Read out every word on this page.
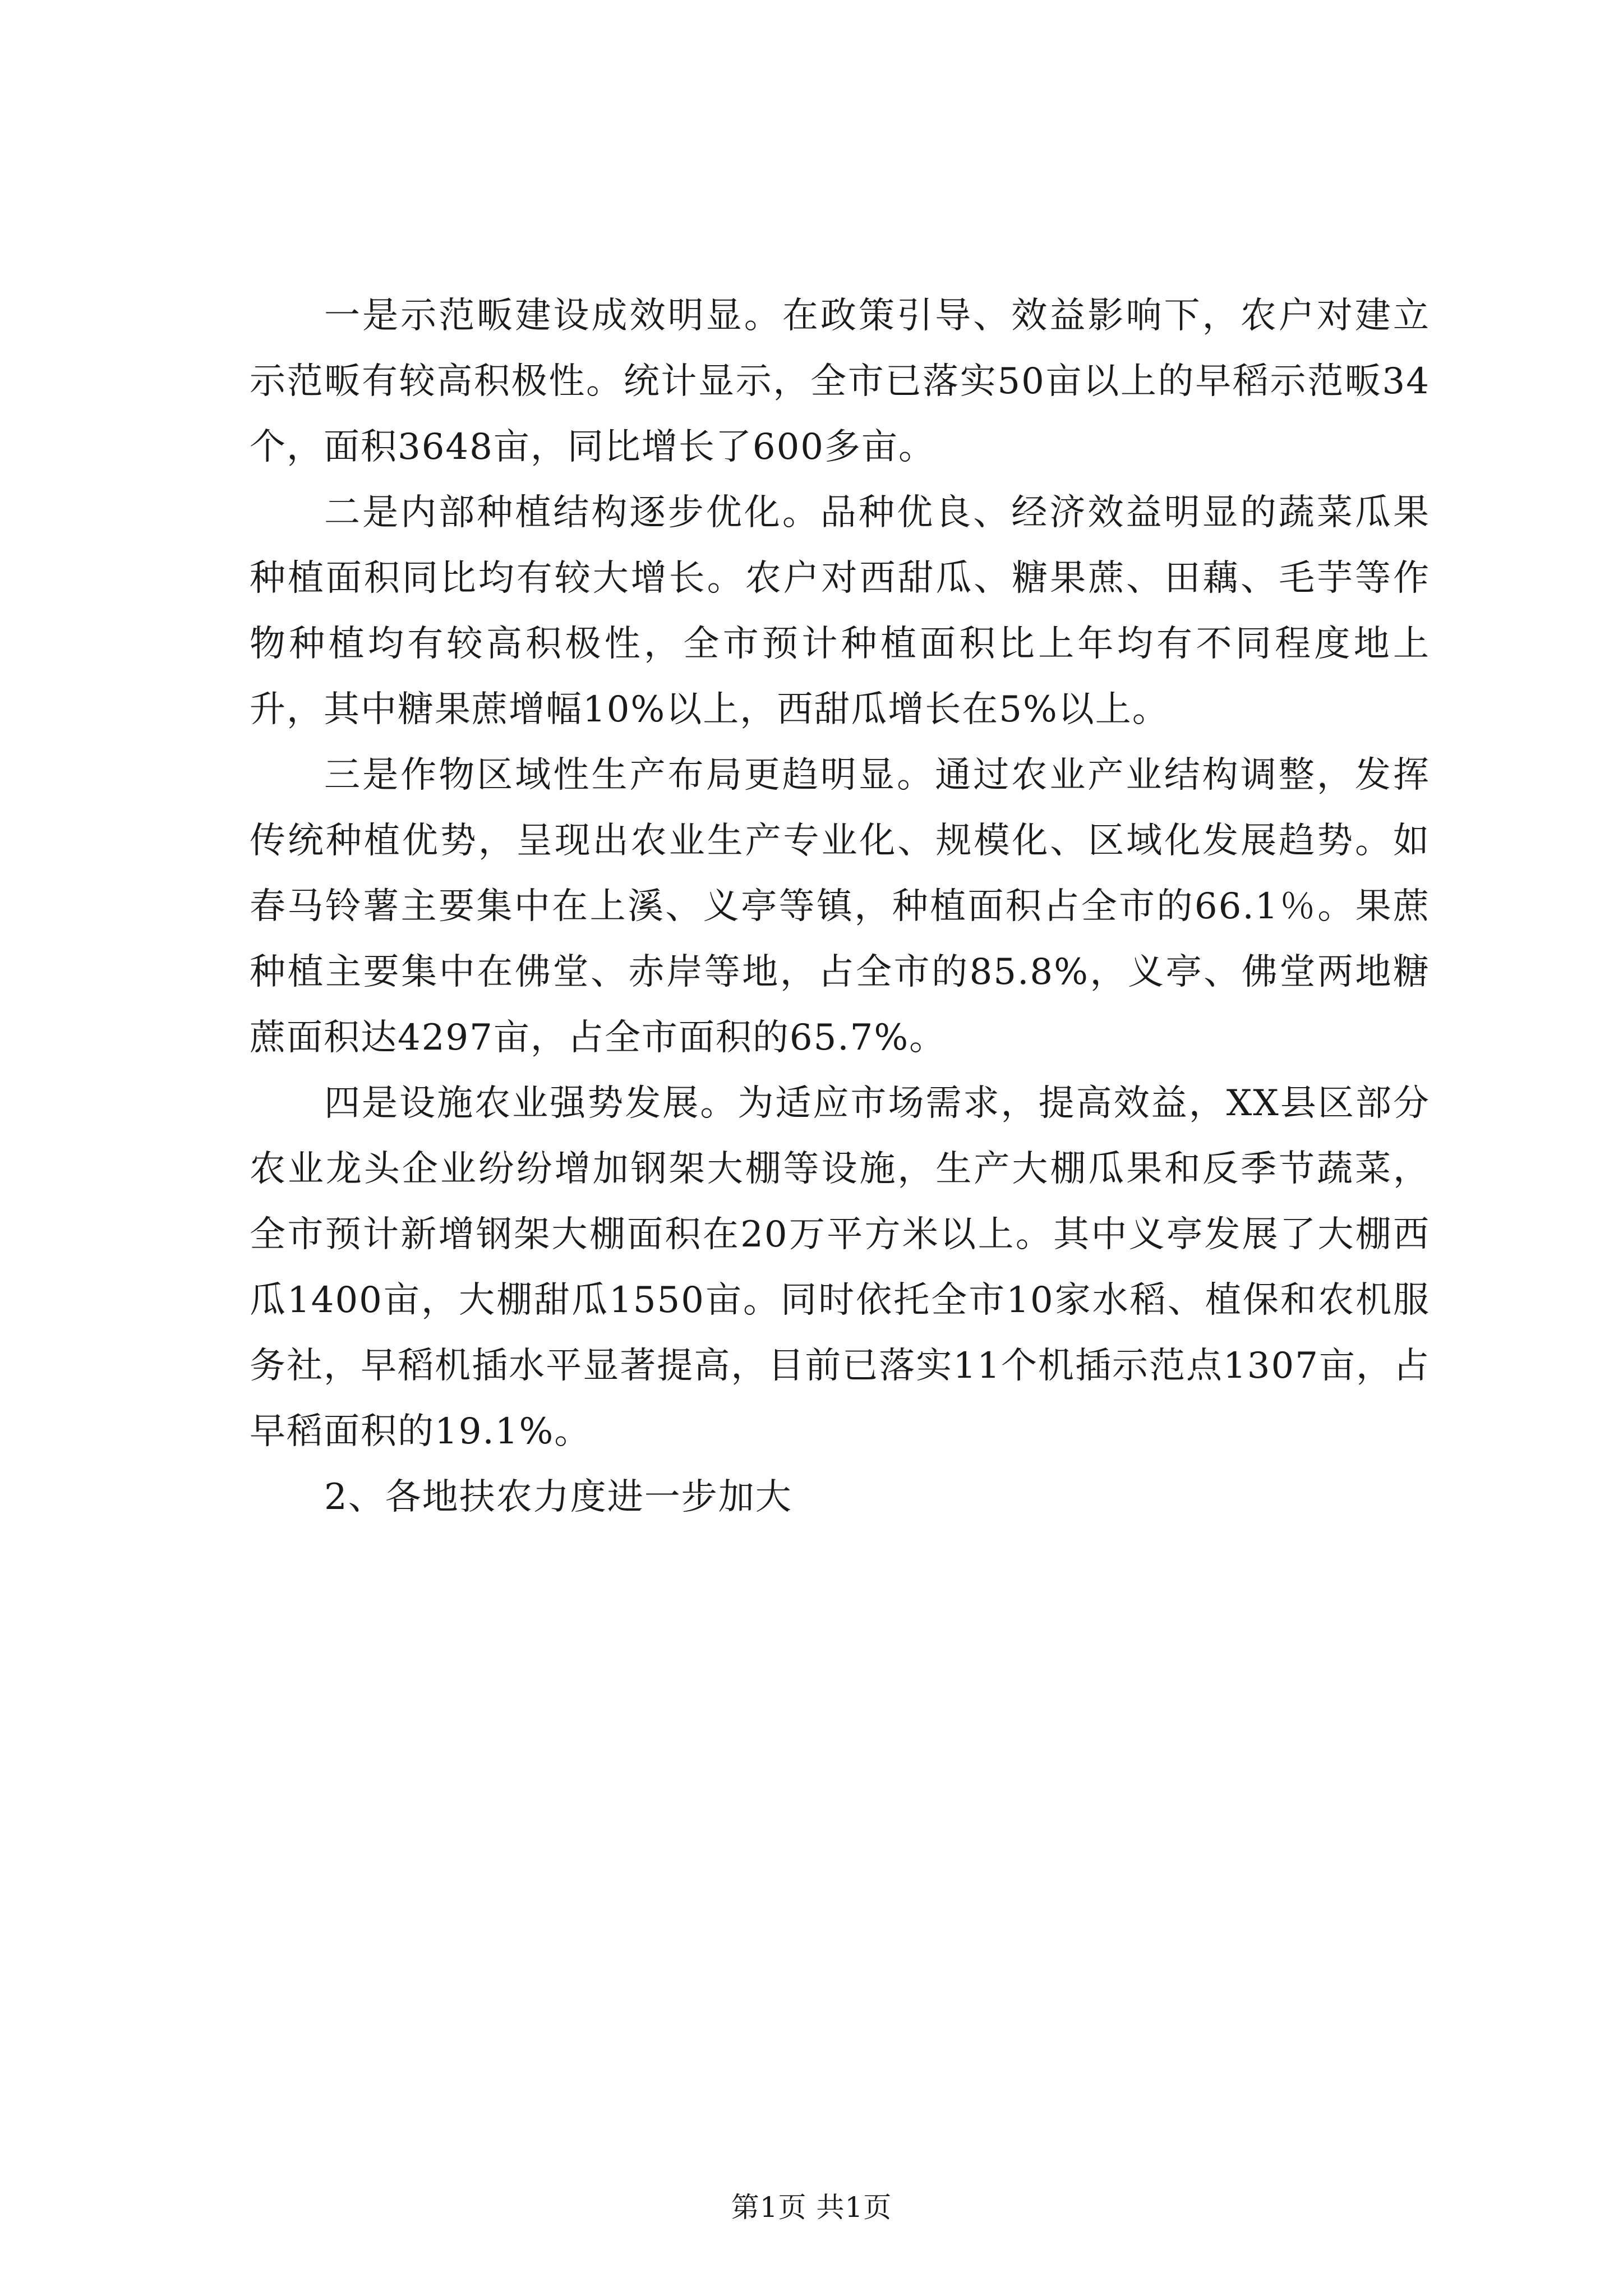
一是示范畈建设成效明显。在政策引导、效益影响下，农户对建立示范畈有较高积极性。统计显示，全市已落实50亩以上的早稻示范畈34个，面积3648亩，同比增长了600多亩。

二是内部种植结构逐步优化。品种优良、经济效益明显的蔬菜瓜果种植面积同比均有较大增长。农户对西甜瓜、糖果蔗、田藕、毛芋等作物种植均有较高积极性，全市预计种植面积比上年均有不同程度地上升，其中糖果蔗增幅10%以上，西甜瓜增长在5%以上。

三是作物区域性生产布局更趋明显。通过农业产业结构调整，发挥传统种植优势，呈现出农业生产专业化、规模化、区域化发展趋势。如春马铃薯主要集中在上溪、义亭等镇，种植面积占全市的66.1％。果蔗种植主要集中在佛堂、赤岸等地，占全市的85.8%，义亭、佛堂两地糖蔗面积达4297亩，占全市面积的65.7%。

四是设施农业强势发展。为适应市场需求，提高效益，XX县区部分农业龙头企业纷纷增加钢架大棚等设施，生产大棚瓜果和反季节蔬菜，全市预计新增钢架大棚面积在20万平方米以上。其中义亭发展了大棚西瓜1400亩，大棚甜瓜1550亩。同时依托全市10家水稻、植保和农机服务社，早稻机插水平显著提高，目前已落实11个机插示范点1307亩，占早稻面积的19.1%。

2、各地扶农力度进一步加大

第1页 共1页
